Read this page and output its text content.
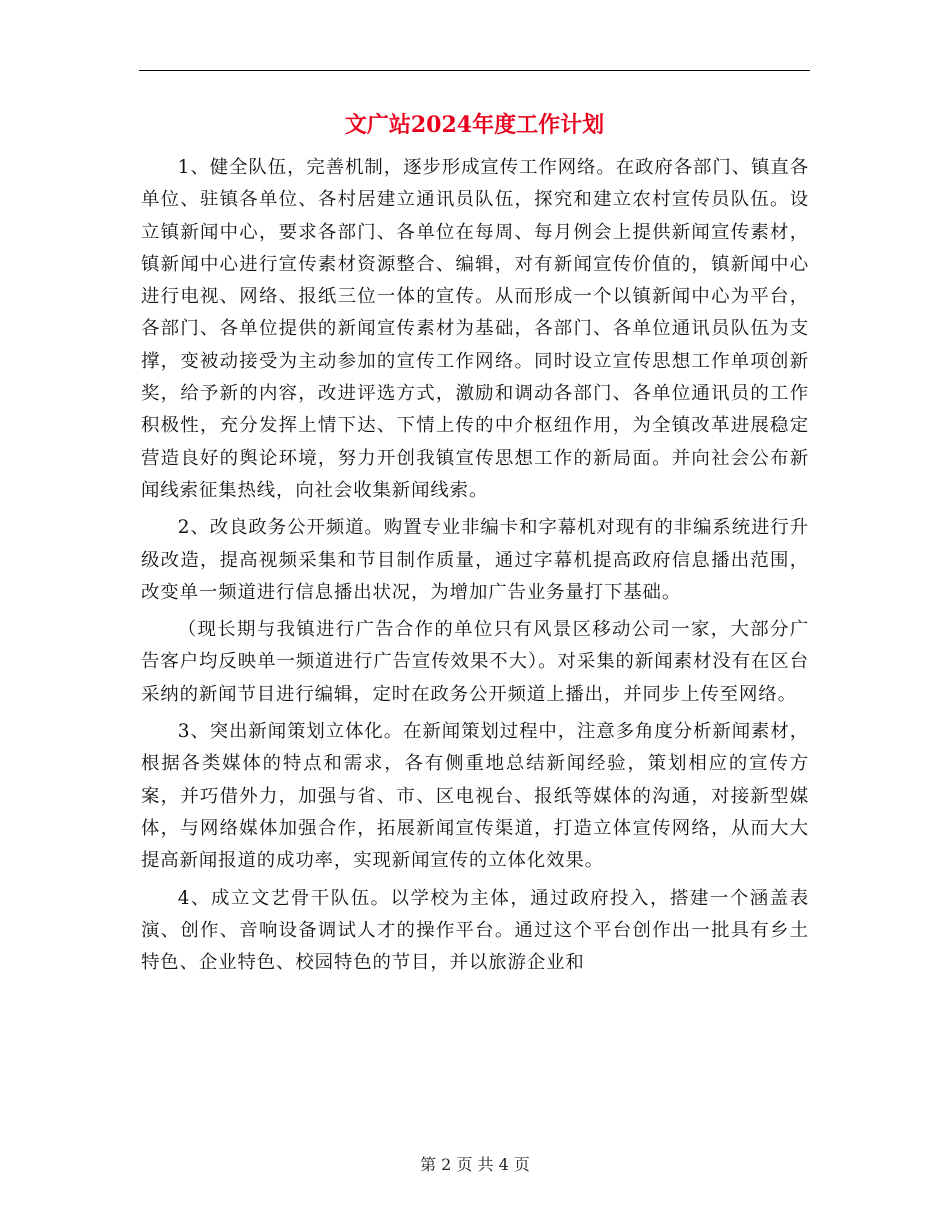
文广站2024年度工作计划

1、健全队伍，完善机制，逐步形成宣传工作网络。在政府各部门、镇直各单位、驻镇各单位、各村居建立通讯员队伍，探究和建立农村宣传员队伍。设立镇新闻中心，要求各部门、各单位在每周、每月例会上提供新闻宣传素材，镇新闻中心进行宣传素材资源整合、编辑，对有新闻宣传价值的，镇新闻中心进行电视、网络、报纸三位一体的宣传。从而形成一个以镇新闻中心为平台，各部门、各单位提供的新闻宣传素材为基础，各部门、各单位通讯员队伍为支撑，变被动接受为主动参加的宣传工作网络。同时设立宣传思想工作单项创新奖，给予新的内容，改进评选方式，激励和调动各部门、各单位通讯员的工作积极性，充分发挥上情下达、下情上传的中介枢纽作用，为全镇改革进展稳定营造良好的舆论环境，努力开创我镇宣传思想工作的新局面。并向社会公布新闻线索征集热线，向社会收集新闻线索。

2、改良政务公开频道。购置专业非编卡和字幕机对现有的非编系统进行升级改造，提高视频采集和节目制作质量，通过字幕机提高政府信息播出范围，改变单一频道进行信息播出状况，为增加广告业务量打下基础。

（现长期与我镇进行广告合作的单位只有风景区移动公司一家，大部分广告客户均反映单一频道进行广告宣传效果不大）。对采集的新闻素材没有在区台采纳的新闻节目进行编辑，定时在政务公开频道上播出，并同步上传至网络。

3、突出新闻策划立体化。在新闻策划过程中，注意多角度分析新闻素材，根据各类媒体的特点和需求，各有侧重地总结新闻经验，策划相应的宣传方案，并巧借外力，加强与省、市、区电视台、报纸等媒体的沟通，对接新型媒体，与网络媒体加强合作，拓展新闻宣传渠道，打造立体宣传网络，从而大大提高新闻报道的成功率，实现新闻宣传的立体化效果。

4、成立文艺骨干队伍。以学校为主体，通过政府投入，搭建一个涵盖表演、创作、音响设备调试人才的操作平台。通过这个平台创作出一批具有乡土特色、企业特色、校园特色的节目，并以旅游企业和

第 2 页 共 4 页
